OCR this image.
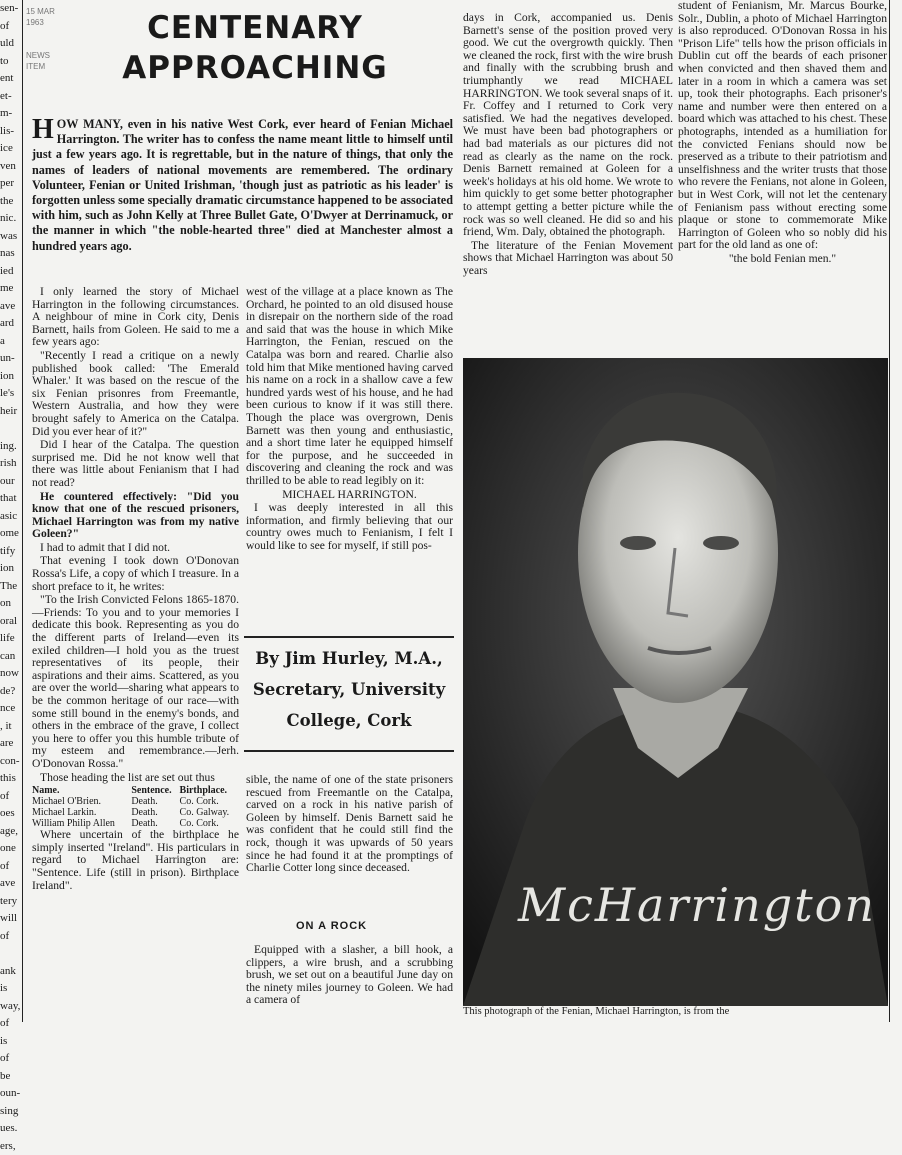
sen-
of
uld
to
ent
et-
m-
lis-
ice
ven
per
the
nic.
was
nas
ied
me
ave
ard
a
un-
ion
le's
heir

ing.
rish
our
that
asic
ome
tify
ion
The
on
oral
life
can
now
de?
nce
, it
are
con-
this
of
oes
age,
one
of
ave
tery
will
of

ank
is
way,
of
is
of
be
oun-
sing
ues.
ers,
15 MAR
1963

NEWS
ITEM

CENTENARY
APPROACHING
HOW MANY, even in his native West Cork, ever heard of Fenian Michael Harrington. The writer has to confess the name meant little to himself until just a few years ago. It is regrettable, but in the nature of things, that only the names of leaders of national movements are remembered. The ordinary Volunteer, Fenian or United Irishman, 'though just as patriotic as his leader' is forgotten unless some specially dramatic circumstance happened to be associated with him, such as John Kelly at Three Bullet Gate, O'Dwyer at Derrinamuck, or the manner in which "the noble-hearted three" died at Manchester almost a hundred years ago.

I only learned the story of Michael Harrington in the following circumstances. A neighbour of mine in Cork city, Denis Barnett, hails from Goleen. He said to me a few years ago:

"Recently I read a critique on a newly published book called: 'The Emerald Whaler.' It was based on the rescue of the six Fenian prisonres from Freemantle, Western Australia, and how they were brought safely to America on the Catalpa. Did you ever hear of it?"

Did I hear of the Catalpa. The question surprised me. Did he not know well that there was little about Fenianism that I had not read?

He countered effectively: "Did you know that one of the rescued prisoners, Michael Harrington was from my native Goleen?"

I had to admit that I did not.

That evening I took down O'Donovan Rossa's Life, a copy of which I treasure. In a short preface to it, he writes:

"To the Irish Convicted Felons 1865-1870.—Friends: To you and to your memories I dedicate this book. Representing as you do the different parts of Ireland—even its exiled children—I hold you as the truest representatives of its people, their aspirations and their aims. Scattered, as you are over the world—sharing what appears to be the common heritage of our race—with some still bound in the enemy's bonds, and others in the embrace of the grave, I collect you here to offer you this humble tribute of my esteem and remembrance.—Jerh. O'Donovan Rossa."

Those heading the list are set out thus

Name.	Sentence.	Birthplace.
Michael O'Brien.	Death.	Co. Cork.
Michael Larkin.	Death.	Co. Galway.
William Philip Allen	Death.	Co. Cork.

Where uncertain of the birthplace he simply inserted "Ireland". His particulars in regard to Michael Harrington are: "Sentence. Life (still in prison). Birthplace Ireland".

west of the village at a place known as The Orchard, he pointed to an old disused house in disrepair on the northern side of the road and said that was the house in which Mike Harrington, the Fenian, rescued on the Catalpa was born and reared. Charlie also told him that Mike mentioned having carved his name on a rock in a shallow cave a few hundred yards west of his house, and he had been curious to know if it was still there. Though the place was overgrown, Denis Barnett was then young and enthusiastic, and a short time later he equipped himself for the purpose, and he succeeded in discovering and cleaning the rock and was thrilled to be able to read legibly on it:

MICHAEL HARRINGTON.

I was deeply interested in all this information, and firmly believing that our country owes much to Fenianism, I felt I would like to see for myself, if still pos-

By Jim Hurley, M.A.,
Secretary, University
College, Cork

sible, the name of one of the state prisoners rescued from Freemantle on the Catalpa, carved on a rock in his native parish of Goleen by himself. Denis Barnett said he was confident that he could still find the rock, though it was upwards of 50 years since he had found it at the promptings of Charlie Cotter long since deceased.

ON A ROCK

Equipped with a slasher, a bill hook, a clippers, a wire brush, and a scrubbing brush, we set out on a beautiful June day on the ninety miles journey to Goleen. We had a camera of

days in Cork, accompanied us. Denis Barnett's sense of the position proved very good. We cut the overgrowth quickly. Then we cleaned the rock, first with the wire brush and finally with the scrubbing brush and triumphantly we read MICHAEL HARRINGTON. We took several snaps of it. Fr. Coffey and I returned to Cork very satisfied. We had the negatives developed. We must have been bad photographers or had bad materials as our pictures did not read as clearly as the name on the rock. Denis Barnett remained at Goleen for a week's holidays at his old home. We wrote to him quickly to get some better photographer to attempt getting a better picture while the rock was so well cleaned. He did so and his friend, Wm. Daly, obtained the photograph.

The literature of the Fenian Movement shows that Michael Harrington was about 50 years

student of Fenianism, Mr. Marcus Bourke, Solr., Dublin, a photo of Michael Harrington is also reproduced. O'Donovan Rossa in his "Prison Life" tells how the prison officials in Dublin cut off the beards of each prisoner when convicted and then shaved them and later in a room in which a camera was set up, took their photographs. Each prisoner's name and number were then entered on a board which was attached to his chest. These photographs, intended as a humiliation for the convicted Fenians should now be preserved as a tribute to their patriotism and unselfishness and the writer trusts that those who revere the Fenians, not alone in Goleen, but in West Cork, will not let the centenary of Fenianism pass without erecting some plaque or stone to commemorate Mike Harrington of Goleen who so nobly did his part for the old land as one of:

"the bold Fenian men."

McHarrington
This photograph of the Fenian, Michael Harrington, is from the
